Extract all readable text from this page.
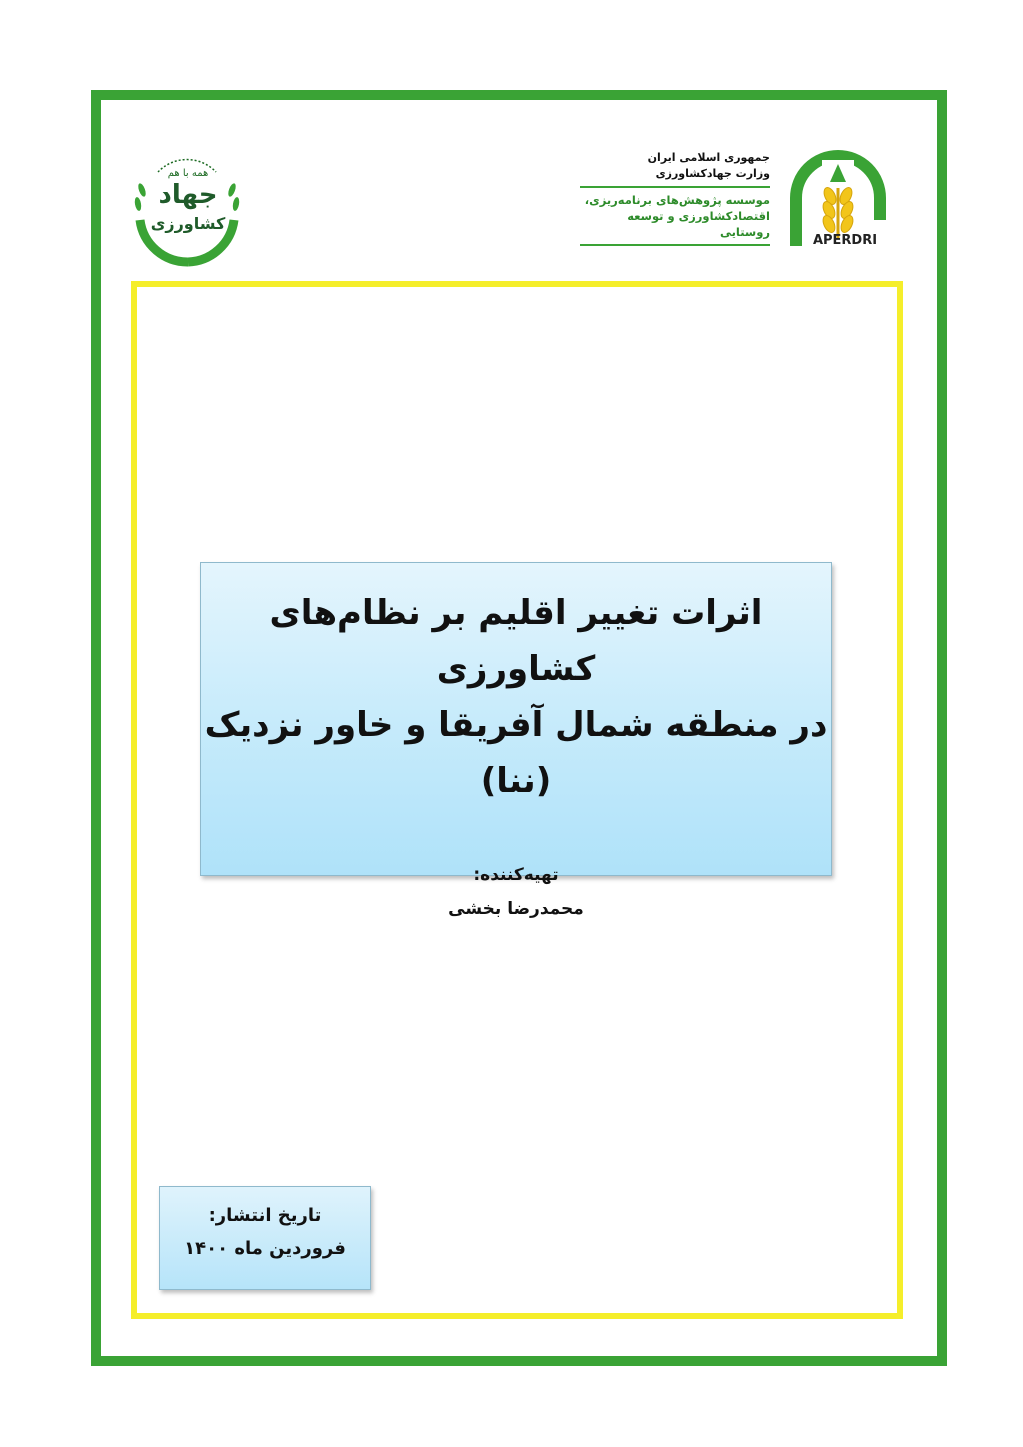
APERDRI
جمهوری اسلامی ایران
وزارت جهادکشاورزی
موسسه پژوهش‌های برنامه‌ریزی،
اقتصادکشاورزی و توسعه روستایی
همه با هم
جهاد
کشاورزی
اثرات تغییر اقلیم بر نظام‌های کشاورزی
در منطقه شمال آفریقا و خاور نزدیک (ننا)
تهیه‌کننده:
محمدرضا بخشی
تاریخ انتشار:
فروردین ماه ۱۴۰۰
